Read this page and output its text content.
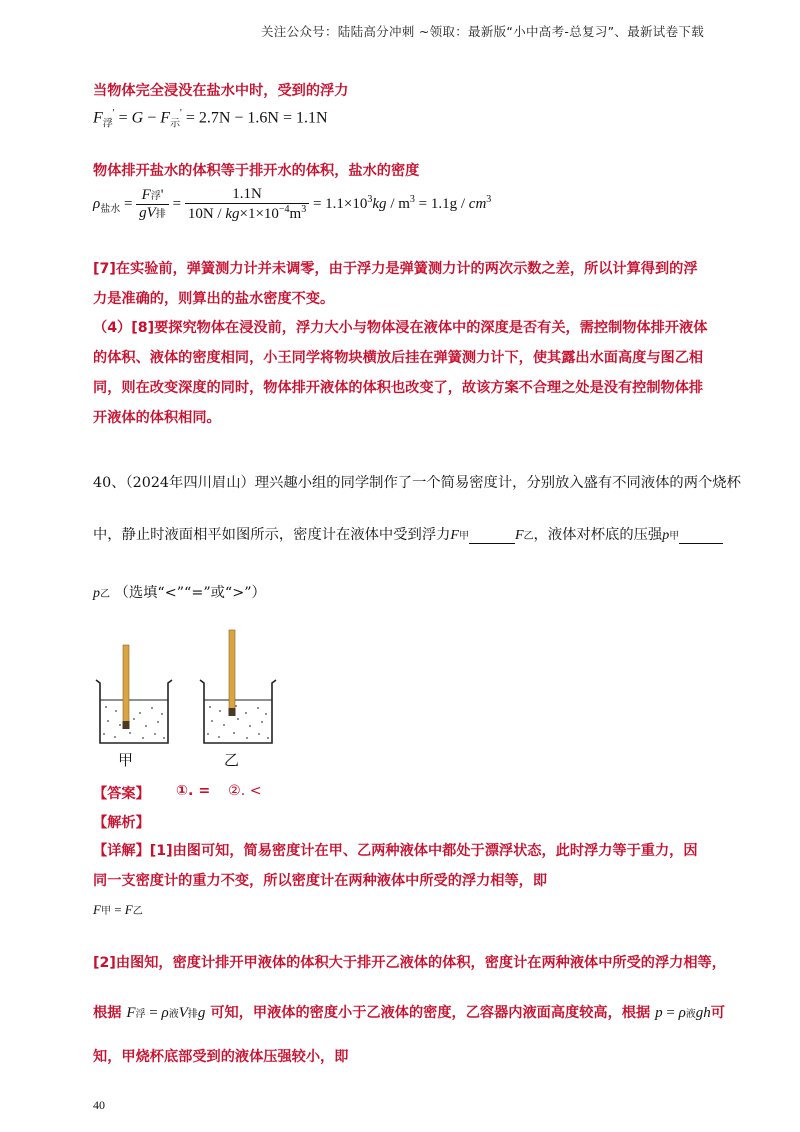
关注公众号：陆陆高分冲刺 ~领取：最新版“小中高考-总复习”、最新试卷下载
当物体完全浸没在盐水中时，受到的浮力
$F_浮' = G - F_示' = 2.7N - 1.6N = 1.1N$
物体排开盐水的体积等于排开水的体积，盐水的密度
$\rho_{盐水} = \frac{\text{F浮'}}{\text{gV排}} = \frac{1.1N}{10N / kg\times 1\times 10^{-4}m^3} = 1.1\times 10^3kg / m^3 = 1.1g / cm^3$
[7]在实验前，弹簧测力计并未调零，由于浮力是弹簧测力计的两次示数之差，所以计算得到的浮力是准确的，则算出的盐水密度不变。
（4）[8]要探究物体在浸没前，浮力大小与物体浸在液体中的深度是否有关，需控制物体排开液体的体积、液体的密度相同，小王同学将物块横放后挂在弹簧测力计下，使其露出水面高度与图乙相同，则在改变深度的同时，物体排开液体的体积也改变了，故该方案不合理之处是没有控制物体排开液体的体积相同。
40、（2024年四川眉山）理兴趣小组的同学制作了一个简易密度计，分别放入盛有不同液体的两个烧杯
中，静止时液面相平如图所示，密度计在液体中受到浮力F甲	F乙，液体对杯底的压强p甲
p乙 （选填“<”“=”或“>”）
甲	乙
【答案】 ①. = ②. <
【解析】
【详解】[1]由图可知，简易密度计在甲、乙两种液体中都处于漂浮状态，此时浮力等于重力，因同一支密度计的重力不变，所以密度计在两种液体中所受的浮力相等，即
F甲 = F乙
[2]由图知，密度计排开甲液体的体积大于排开乙液体的体积，密度计在两种液体中所受的浮力相等，
根据 F浮 = ρ液V排g 可知，甲液体的密度小于乙液体的密度，乙容器内液面高度较高，根据 p = ρ液gh可
知，甲烧杯底部受到的液体压强较小，即
40
